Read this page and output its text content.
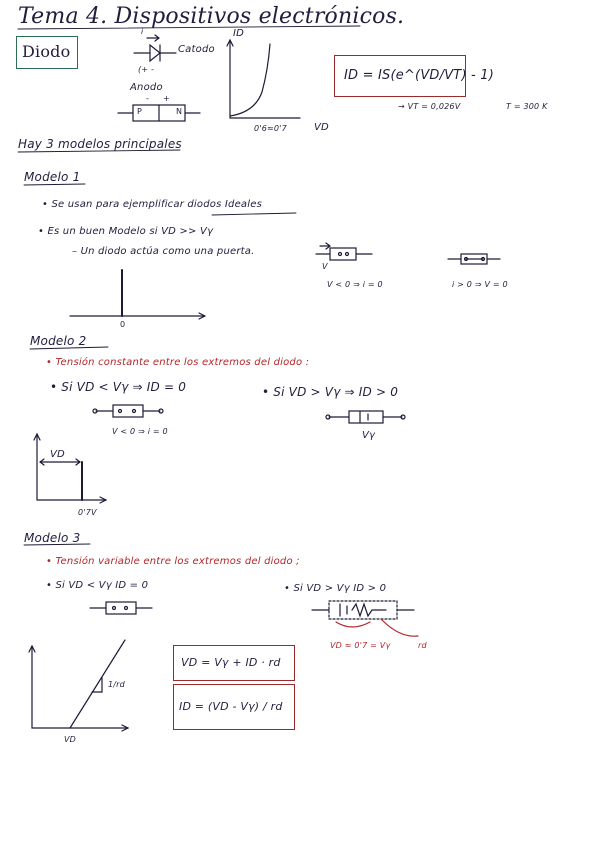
Tema 4. Dispositivos electrónicos.
Diodo
i
Catodo
(+ -
Anodo
- +
P	N
ID
VD
0'6≈0'7
ID = IS(e^(VD/VT) - 1)
→ VT = 0,026V	T = 300 K
Hay 3 modelos principales
Modelo 1
• Se usan para ejemplificar diodos Ideales
• Es un buen Modelo si VD >> Vγ
– Un diodo actúa como una puerta.
V
V < 0 ⇒ i = 0	i > 0 ⇒ V = 0
0
Modelo 2
• Tensión constante entre los extremos del diodo :
• Si VD < Vγ ⇒ ID = 0	• Si VD > Vγ ⇒ ID > 0
V < 0 ⇒ i = 0	Vγ
VD
0'7V
Modelo 3
• Tensión variable entre los extremos del diodo ;
• Si VD < Vγ ID = 0	• Si VD > Vγ ID > 0
VD ≈ 0'7 = Vγ	rd
1/rd
VD
VD = Vγ + ID · rd
ID = (VD - Vγ) / rd
